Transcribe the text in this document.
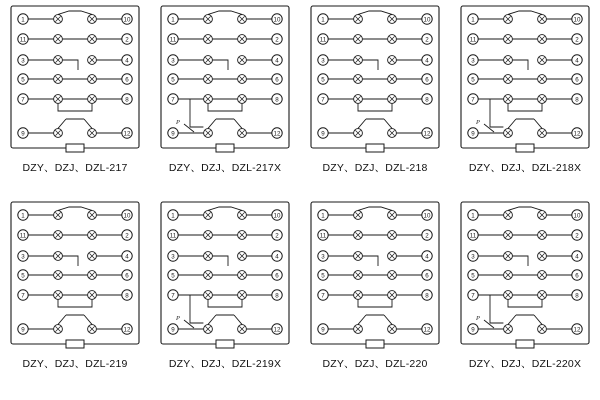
1
11
3
5
7
9
10
2
4
6
8
12
DZY、DZJ、DZL-217
1
11
3
5
7
9
10
2
4
6
8
12
P
DZY、DZJ、DZL-217X
1
11
3
5
7
9
10
2
4
6
8
12
DZY、DZJ、DZL-218
1
11
3
5
7
9
10
2
4
6
8
12
P
DZY、DZJ、DZL-218X
1
11
3
5
7
9
10
2
4
6
8
12
DZY、DZJ、DZL-219
1
11
3
5
7
9
10
2
4
6
8
12
P
DZY、DZJ、DZL-219X
1
11
3
5
7
9
10
2
4
6
8
12
DZY、DZJ、DZL-220
1
11
3
5
7
9
10
2
4
6
8
12
P
DZY、DZJ、DZL-220X
